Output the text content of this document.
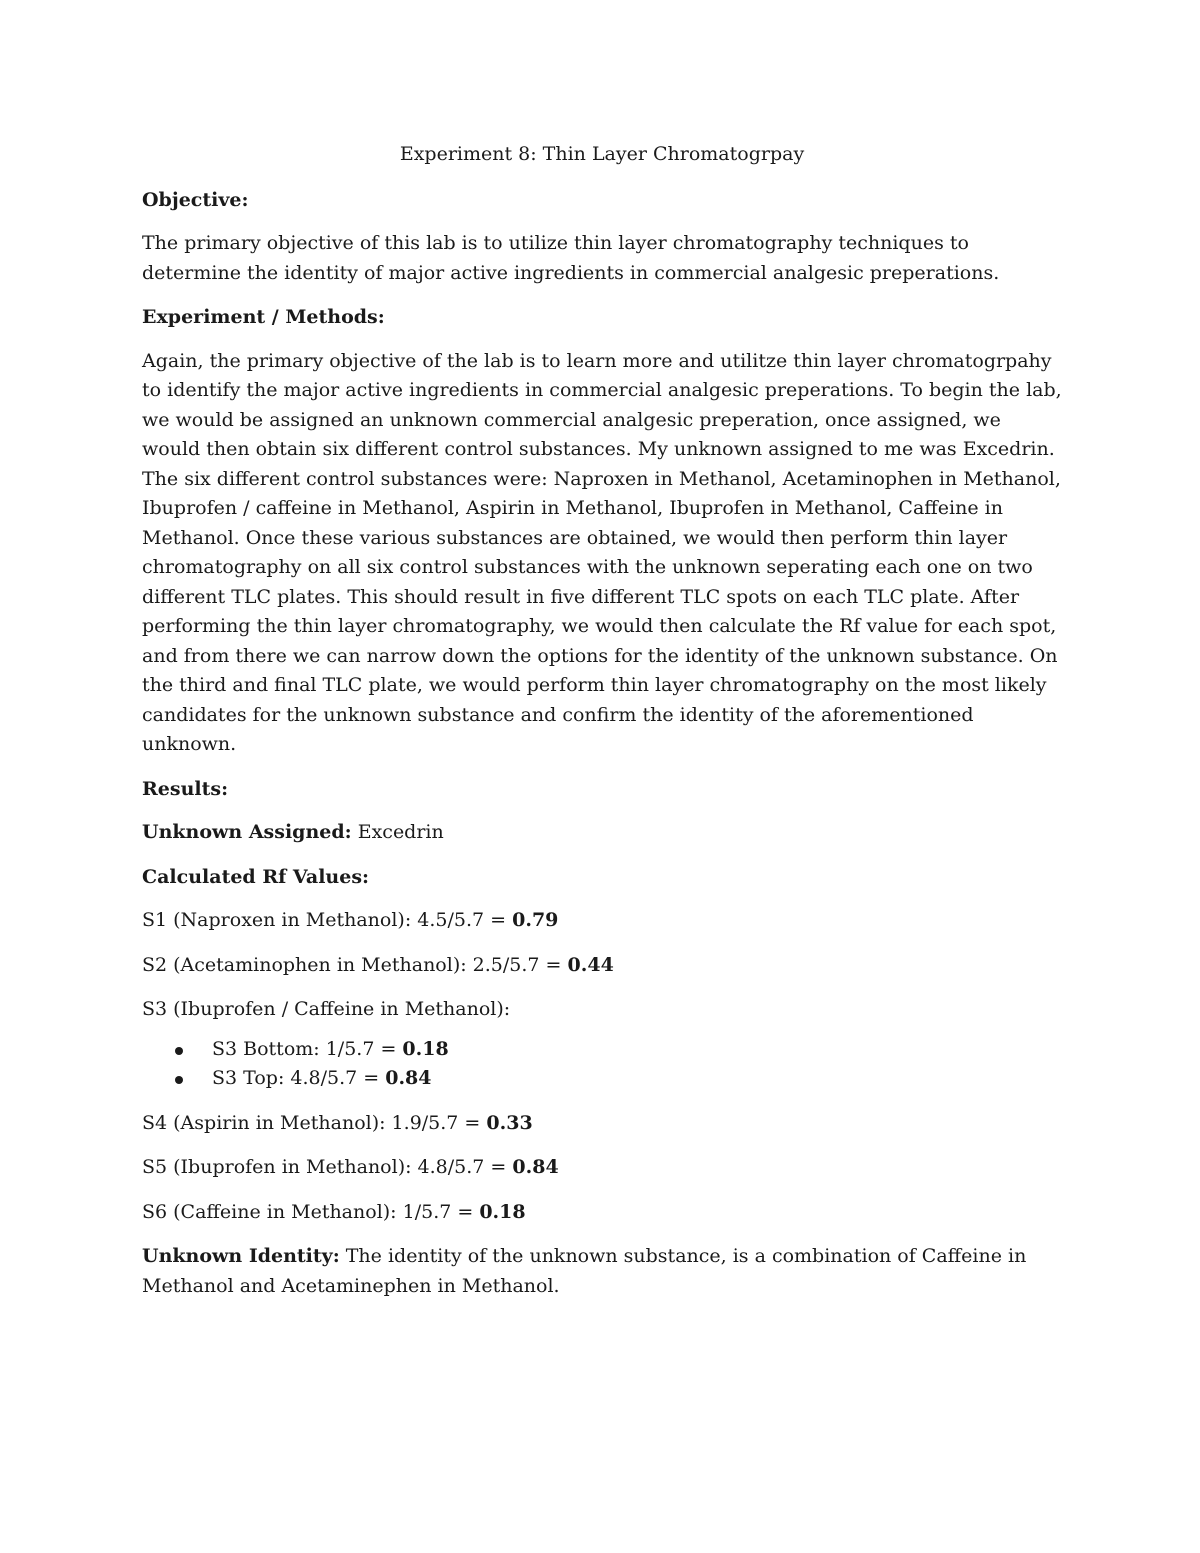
Experiment 8: Thin Layer Chromatogrpay
Objective:

The primary objective of this lab is to utilize thin layer chromatography techniques to determine the identity of major active ingredients in commercial analgesic preperations.

Experiment / Methods:

Again, the primary objective of the lab is to learn more and utilitze thin layer chromatogrpahy to identify the major active ingredients in commercial analgesic preperations. To begin the lab, we would be assigned an unknown commercial analgesic preperation, once assigned, we would then obtain six different control substances. My unknown assigned to me was Excedrin. The six different control substances were: Naproxen in Methanol, Acetaminophen in Methanol, Ibuprofen / caffeine in Methanol, Aspirin in Methanol, Ibuprofen in Methanol, Caffeine in Methanol. Once these various substances are obtained, we would then perform thin layer chromatography on all six control substances with the unknown seperating each one on two different TLC plates. This should result in five different TLC spots on each TLC plate. After performing the thin layer chromatography, we would then calculate the Rf value for each spot, and from there we can narrow down the options for the identity of the unknown substance. On the third and final TLC plate, we would perform thin layer chromatography on the most likely candidates for the unknown substance and confirm the identity of the aforementioned unknown.

Results:

Unknown Assigned: Excedrin

Calculated Rf Values:

S1 (Naproxen in Methanol): 4.5/5.7 = 0.79

S2 (Acetaminophen in Methanol): 2.5/5.7 = 0.44

S3 (Ibuprofen / Caffeine in Methanol):

S3 Bottom: 1/5.7 = 0.18
S3 Top: 4.8/5.7 = 0.84

S4 (Aspirin in Methanol): 1.9/5.7 = 0.33

S5 (Ibuprofen in Methanol): 4.8/5.7 = 0.84

S6 (Caffeine in Methanol): 1/5.7 = 0.18

Unknown Identity: The identity of the unknown substance, is a combination of Caffeine in Methanol and Acetaminephen in Methanol.
